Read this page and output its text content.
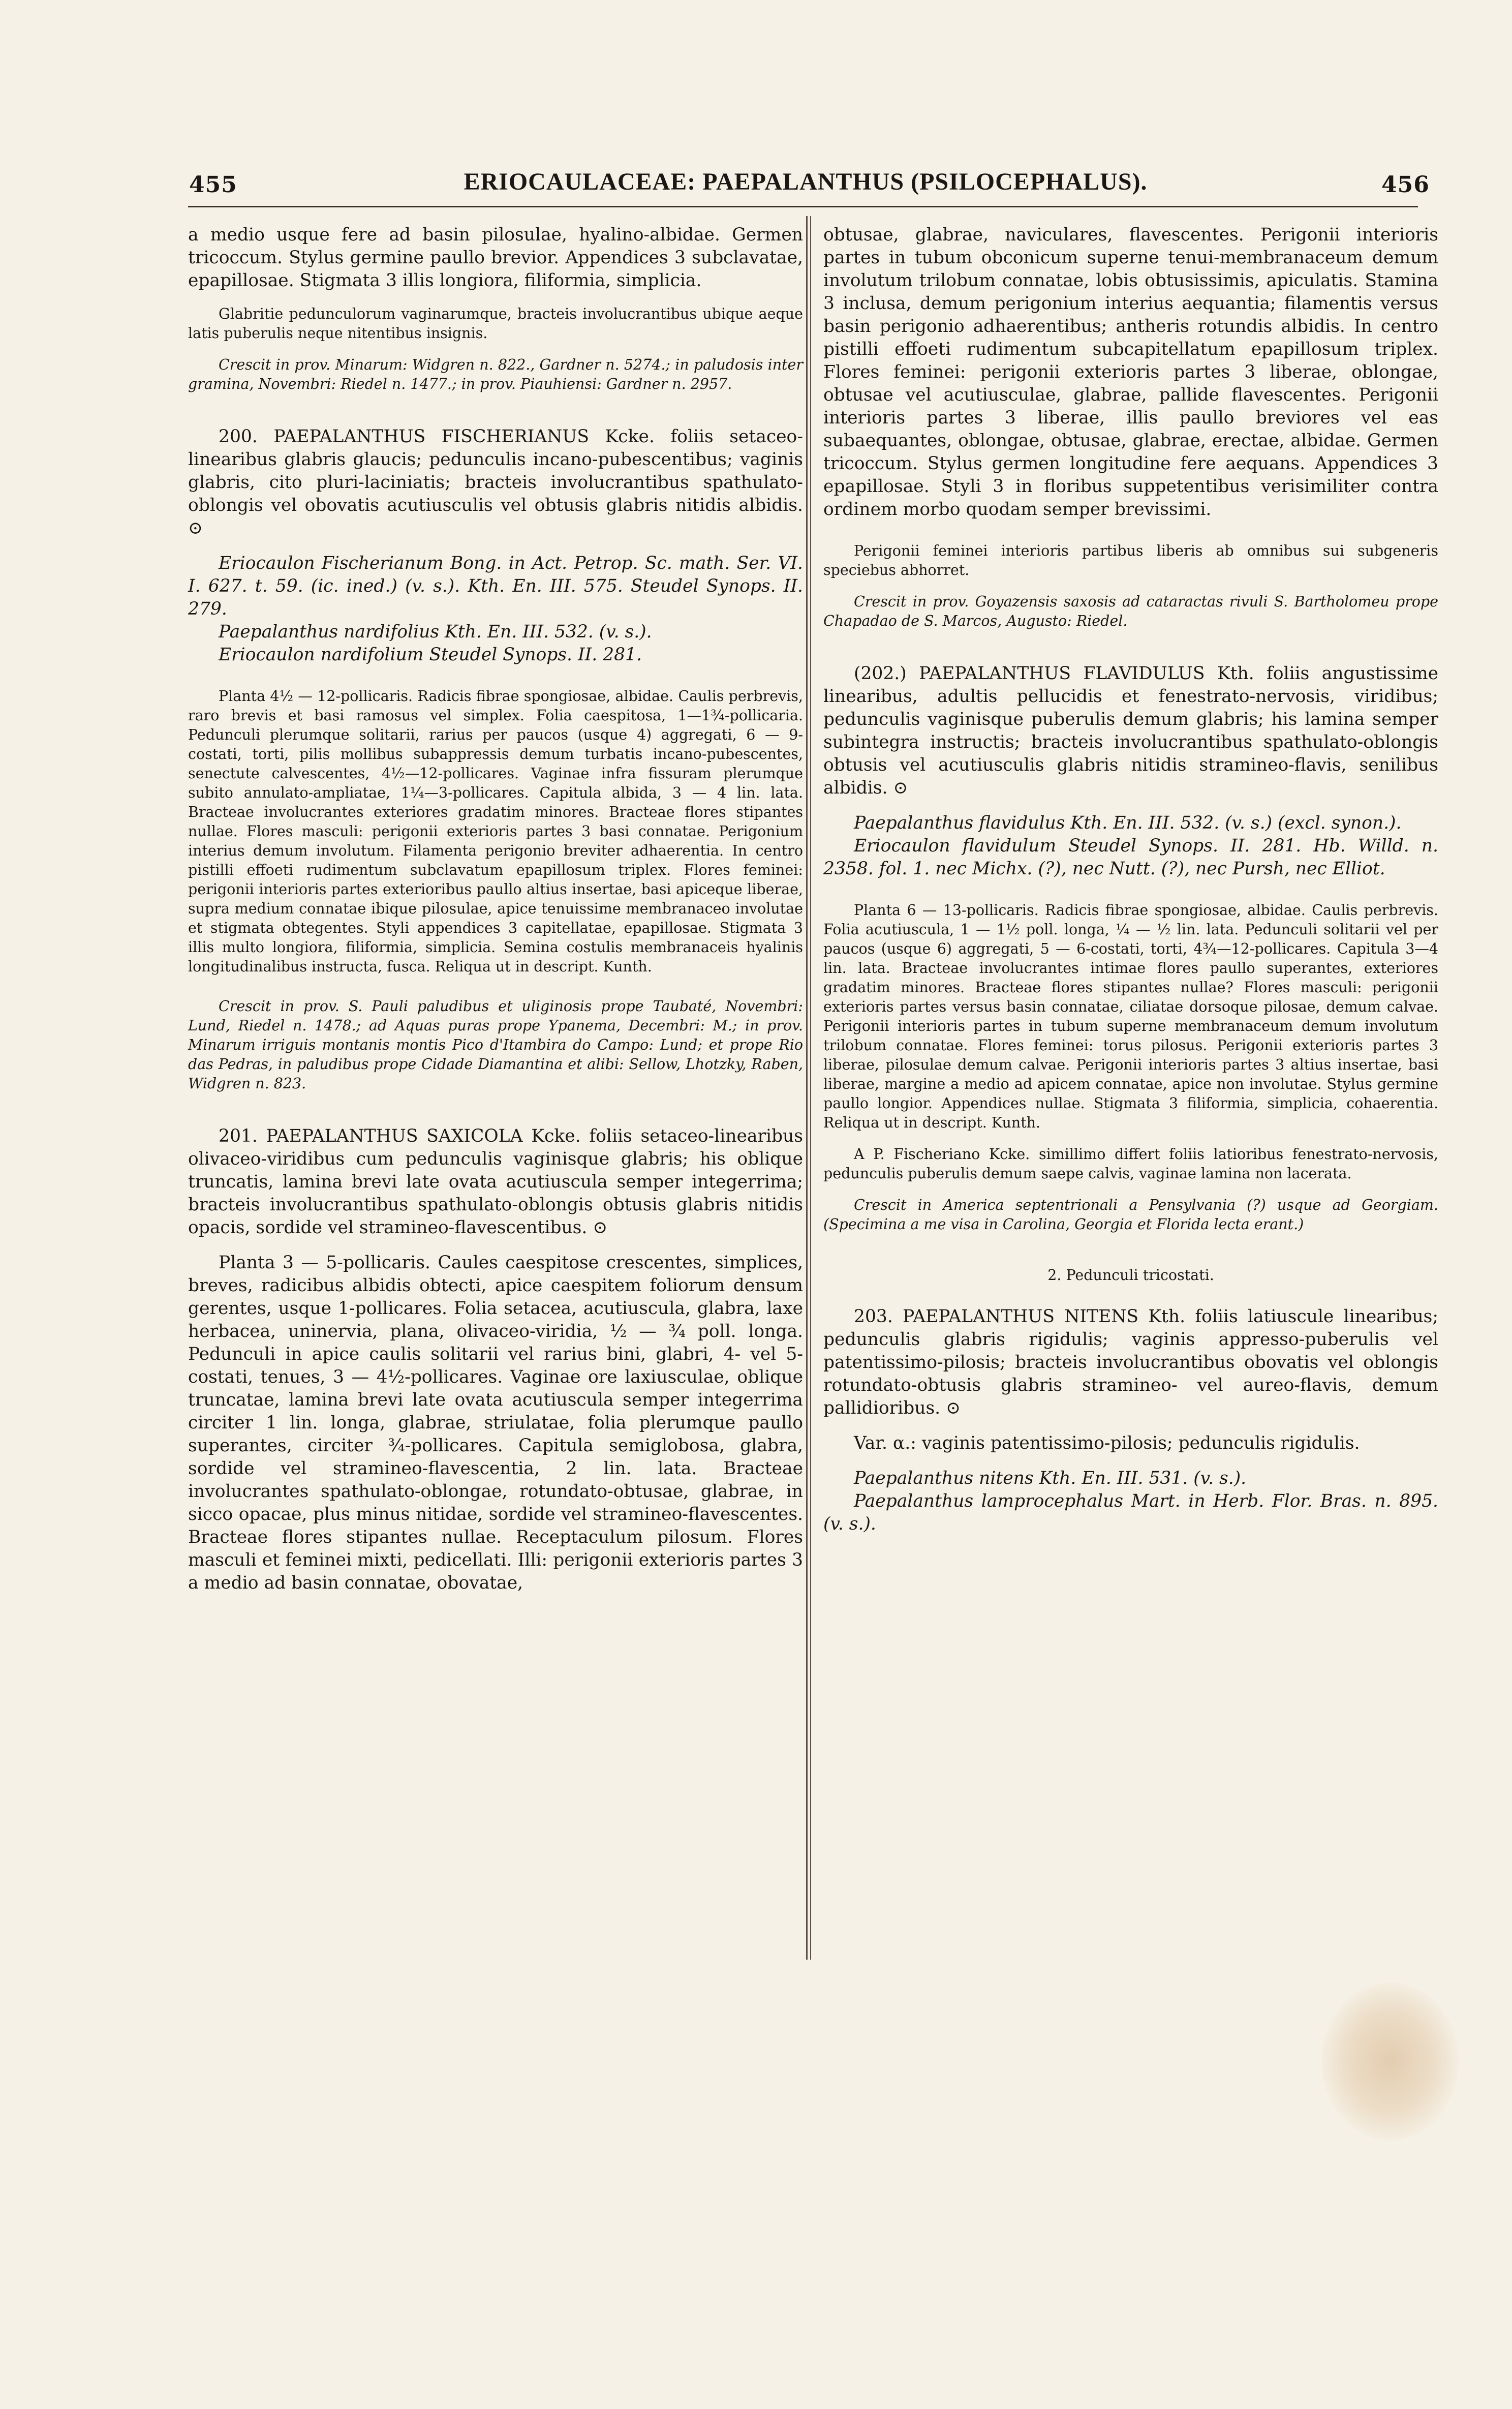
455	ERIOCAULACEAE: PAEPALANTHUS (PSILOCEPHALUS).	456

a medio usque fere ad basin pilosulae, hyalino-albidae. Germen tricoccum. Stylus germine paullo brevior. Appendices 3 subclavatae, epapillosae. Stigmata 3 illis longiora, filiformia, simplicia.

Glabritie pedunculorum vaginarumque, bracteis involucrantibus ubique aeque latis puberulis neque nitentibus insignis.

Crescit in prov. Minarum: Widgren n. 822., Gardner n. 5274.; in paludosis inter gramina, Novembri: Riedel n. 1477.; in prov. Piauhiensi: Gardner n. 2957.

200. PAEPALANTHUS FISCHERIANUS Kcke. foliis setaceo-linearibus glabris glaucis; pedunculis incano-pubescentibus; vaginis glabris, cito pluri-laciniatis; bracteis involucrantibus spathulato-oblongis vel obovatis acutiusculis vel obtusis glabris nitidis albidis. ⊙

Eriocaulon Fischerianum Bong. in Act. Petrop. Sc. math. Ser. VI. I. 627. t. 59. (ic. ined.) (v. s.). Kth. En. III. 575. Steudel Synops. II. 279.

Paepalanthus nardifolius Kth. En. III. 532. (v. s.).

Eriocaulon nardifolium Steudel Synops. II. 281.

Planta 4½ — 12-pollicaris. Radicis fibrae spongiosae, albidae. Caulis perbrevis, raro brevis et basi ramosus vel simplex. Folia caespitosa, 1—1¾-pollicaria. Pedunculi plerumque solitarii, rarius per paucos (usque 4) aggregati, 6 — 9-costati, torti, pilis mollibus subappressis demum turbatis incano-pubescentes, senectute calvescentes, 4½—12-pollicares. Vaginae infra fissuram plerumque subito annulato-ampliatae, 1¼—3-pollicares. Capitula albida, 3 — 4 lin. lata. Bracteae involucrantes exteriores gradatim minores. Bracteae flores stipantes nullae. Flores masculi: perigonii exterioris partes 3 basi connatae. Perigonium interius demum involutum. Filamenta perigonio breviter adhaerentia. In centro pistilli effoeti rudimentum subclavatum epapillosum triplex. Flores feminei: perigonii interioris partes exterioribus paullo altius insertae, basi apiceque liberae, supra medium connatae ibique pilosulae, apice tenuissime membranaceo involutae et stigmata obtegentes. Styli appendices 3 capitellatae, epapillosae. Stigmata 3 illis multo longiora, filiformia, simplicia. Semina costulis membranaceis hyalinis longitudinalibus instructa, fusca. Reliqua ut in descript. Kunth.

Crescit in prov. S. Pauli paludibus et uliginosis prope Taubaté, Novembri: Lund, Riedel n. 1478.; ad Aquas puras prope Ypanema, Decembri: M.; in prov. Minarum irriguis montanis montis Pico d'Itambira do Campo: Lund; et prope Rio das Pedras, in paludibus prope Cidade Diamantina et alibi: Sellow, Lhotzky, Raben, Widgren n. 823.

201. PAEPALANTHUS SAXICOLA Kcke. foliis setaceo-linearibus olivaceo-viridibus cum pedunculis vaginisque glabris; his oblique truncatis, lamina brevi late ovata acutiuscula semper integerrima; bracteis involucrantibus spathulato-oblongis obtusis glabris nitidis opacis, sordide vel stramineo-flavescentibus. ⊙

Planta 3 — 5-pollicaris. Caules caespitose crescentes, simplices, breves, radicibus albidis obtecti, apice caespitem foliorum densum gerentes, usque 1-pollicares. Folia setacea, acutiuscula, glabra, laxe herbacea, uninervia, plana, olivaceo-viridia, ½ — ¾ poll. longa. Pedunculi in apice caulis solitarii vel rarius bini, glabri, 4- vel 5-costati, tenues, 3 — 4½-pollicares. Vaginae ore laxiusculae, oblique truncatae, lamina brevi late ovata acutiuscula semper integerrima circiter 1 lin. longa, glabrae, striulatae, folia plerumque paullo superantes, circiter ¾-pollicares. Capitula semiglobosa, glabra, sordide vel stramineo-flavescentia, 2 lin. lata. Bracteae involucrantes spathulato-oblongae, rotundato-obtusae, glabrae, in sicco opacae, plus minus nitidae, sordide vel stramineo-flavescentes. Bracteae flores stipantes nullae. Receptaculum pilosum. Flores masculi et feminei mixti, pedicellati. Illi: perigonii exterioris partes 3 a medio ad basin connatae, obovatae,

obtusae, glabrae, naviculares, flavescentes. Perigonii interioris partes in tubum obconicum superne tenui-membranaceum demum involutum trilobum connatae, lobis obtusissimis, apiculatis. Stamina 3 inclusa, demum perigonium interius aequantia; filamentis versus basin perigonio adhaerentibus; antheris rotundis albidis. In centro pistilli effoeti rudimentum subcapitellatum epapillosum triplex. Flores feminei: perigonii exterioris partes 3 liberae, oblongae, obtusae vel acutiusculae, glabrae, pallide flavescentes. Perigonii interioris partes 3 liberae, illis paullo breviores vel eas subaequantes, oblongae, obtusae, glabrae, erectae, albidae. Germen tricoccum. Stylus germen longitudine fere aequans. Appendices 3 epapillosae. Styli 3 in floribus suppetentibus verisimiliter contra ordinem morbo quodam semper brevissimi.

Perigonii feminei interioris partibus liberis ab omnibus sui subgeneris speciebus abhorret.

Crescit in prov. Goyazensis saxosis ad cataractas rivuli S. Bartholomeu prope Chapadao de S. Marcos, Augusto: Riedel.

(202.) PAEPALANTHUS FLAVIDULUS Kth. foliis angustissime linearibus, adultis pellucidis et fenestrato-nervosis, viridibus; pedunculis vaginisque puberulis demum glabris; his lamina semper subintegra instructis; bracteis involucrantibus spathulato-oblongis obtusis vel acutiusculis glabris nitidis stramineo-flavis, senilibus albidis. ⊙

Paepalanthus flavidulus Kth. En. III. 532. (v. s.) (excl. synon.).

Eriocaulon flavidulum Steudel Synops. II. 281. Hb. Willd. n. 2358. fol. 1. nec Michx. (?), nec Nutt. (?), nec Pursh, nec Elliot.

Planta 6 — 13-pollicaris. Radicis fibrae spongiosae, albidae. Caulis perbrevis. Folia acutiuscula, 1 — 1½ poll. longa, ¼ — ½ lin. lata. Pedunculi solitarii vel per paucos (usque 6) aggregati, 5 — 6-costati, torti, 4¾—12-pollicares. Capitula 3—4 lin. lata. Bracteae involucrantes intimae flores paullo superantes, exteriores gradatim minores. Bracteae flores stipantes nullae? Flores masculi: perigonii exterioris partes versus basin connatae, ciliatae dorsoque pilosae, demum calvae. Perigonii interioris partes in tubum superne membranaceum demum involutum trilobum connatae. Flores feminei: torus pilosus. Perigonii exterioris partes 3 liberae, pilosulae demum calvae. Perigonii interioris partes 3 altius insertae, basi liberae, margine a medio ad apicem connatae, apice non involutae. Stylus germine paullo longior. Appendices nullae. Stigmata 3 filiformia, simplicia, cohaerentia. Reliqua ut in descript. Kunth.

A P. Fischeriano Kcke. simillimo differt foliis latioribus fenestrato-nervosis, pedunculis puberulis demum saepe calvis, vaginae lamina non lacerata.

Crescit in America septentrionali a Pensylvania (?) usque ad Georgiam. (Specimina a me visa in Carolina, Georgia et Florida lecta erant.)

2. Pedunculi tricostati.

203. PAEPALANTHUS NITENS Kth. foliis latiuscule linearibus; pedunculis glabris rigidulis; vaginis appresso-puberulis vel patentissimo-pilosis; bracteis involucrantibus obovatis vel oblongis rotundato-obtusis glabris stramineo- vel aureo-flavis, demum pallidioribus. ⊙

Var. α.: vaginis patentissimo-pilosis; pedunculis rigidulis.

Paepalanthus nitens Kth. En. III. 531. (v. s.).

Paepalanthus lamprocephalus Mart. in Herb. Flor. Bras. n. 895. (v. s.).
